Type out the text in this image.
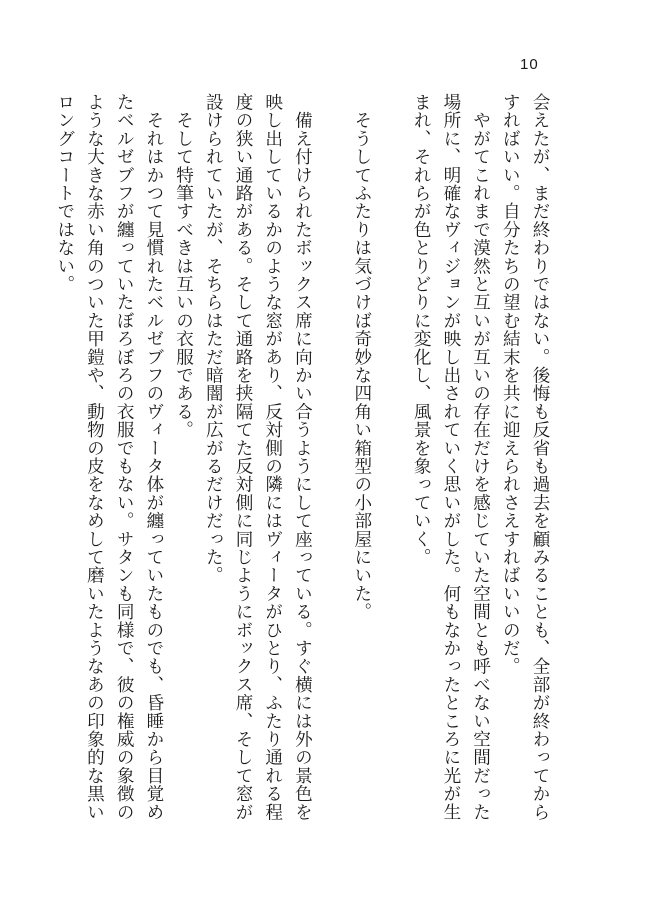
10

会えたが、まだ終わりではない。後悔も反省も過去を顧みることも、全部が終わってから

すればいい。自分たちの望む結末を共に迎えられさえすればいいのだ。

　やがてこれまで漠然と互いが互いの存在だけを感じていた空間とも呼べない空間だった

場所に、明確なヴィジョンが映し出されていく思いがした。何もなかったところに光が生

まれ、それらが色とりどりに変化し、風景を象っていく。

　そうしてふたりは気づけば奇妙な四角い箱型の小部屋にいた。

　備え付けられたボックス席に向かい合うようにして座っている。すぐ横には外の景色を

映し出しているかのような窓があり、反対側の隣にはヴィータがひとり、ふたり通れる程

度の狭い通路がある。そして通路を挟隔てた反対側に同じようにボックス席、そして窓が

設けられていたが、そちらはただ暗闇が広がるだけだった。

　そして特筆すべきは互いの衣服である。

　それはかつて見慣れたベルゼブフのヴィータ体が纏っていたものでも、昏睡から目覚め

たベルゼブフが纏っていたぼろぼろの衣服でもない。サタンも同様で、彼の権威の象徴の

ような大きな赤い角のついた甲鎧や、動物の皮をなめして磨いたようなあの印象的な黒い

ロングコートではない。
